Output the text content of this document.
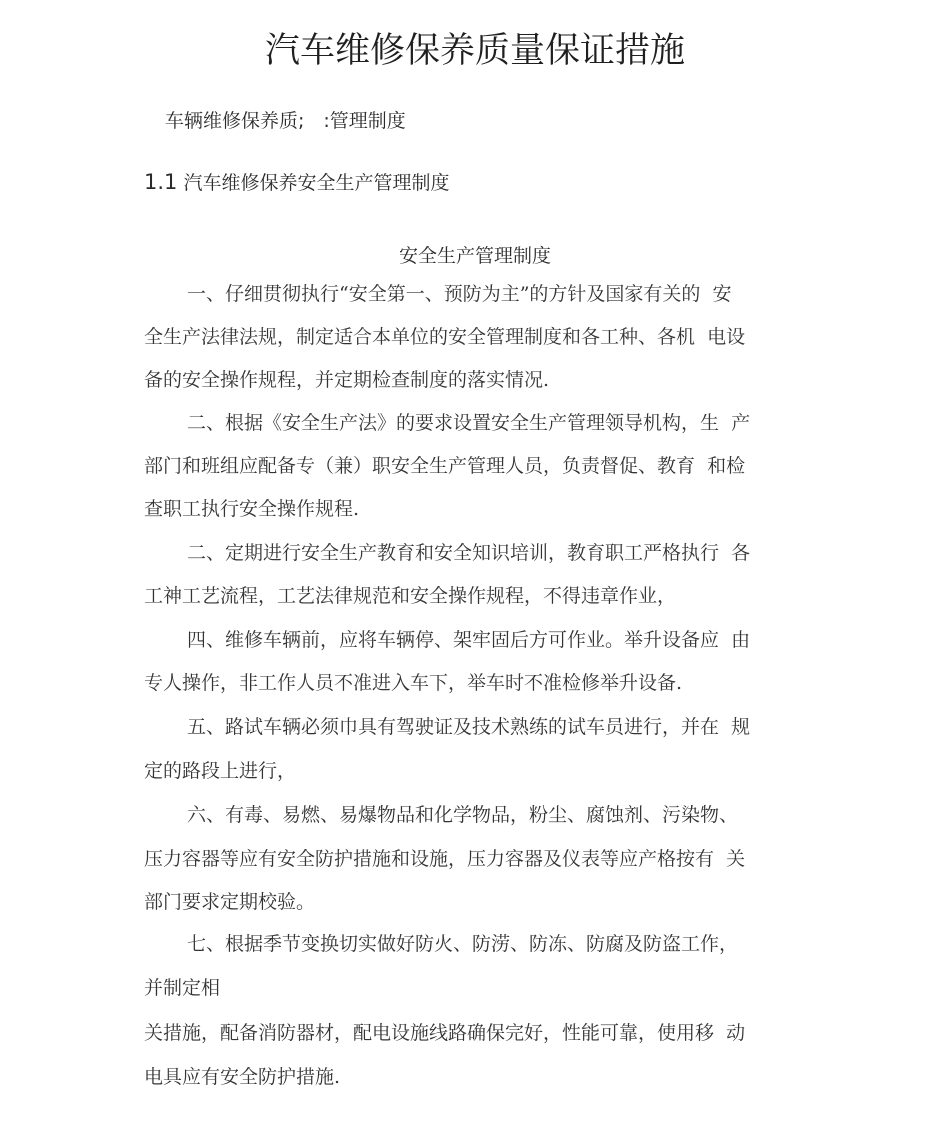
汽车维修保养质量保证措施
车辆维修保养质;　:管理制度
1.1 汽车维修保养安全生产管理制度
安全生产管理制度
一、仔细贯彻执行“安全第一、预防为主”的方针及国家有关的  安
全生产法律法规，制定适合本单位的安全管理制度和各工种、各机  电设
备的安全操作规程，并定期检查制度的落实情况.
二、根据《安全生产法》的要求设置安全生产管理领导机构，生  产
部门和班组应配备专（兼）职安全生产管理人员，负责督促、教育  和检
查职工执行安全操作规程.
二、定期进行安全生产教育和安全知识培训，教育职工严格执行  各
工神工艺流程，工艺法律规范和安全操作规程，不得违章作业，
四、维修车辆前，应将车辆停、架牢固后方可作业。举升设备应  由
专人操作，非工作人员不准进入车下，举车时不准检修举升设备.
五、路试车辆必须巾具有驾驶证及技术熟练的试车员进行，并在  规
定的路段上进行，
六、有毒、易燃、易爆物品和化学物品，粉尘、腐蚀剂、污染物、
压力容器等应有安全防护措施和设施，压力容器及仪表等应产格按有  关
部门要求定期校验。
七、根据季节变换切实做好防火、防涝、防冻、防腐及防盗工作，
并制定相
关措施，配备消防器材，配电设施线路确保完好，性能可靠，使用移  动
电具应有安全防护措施.
